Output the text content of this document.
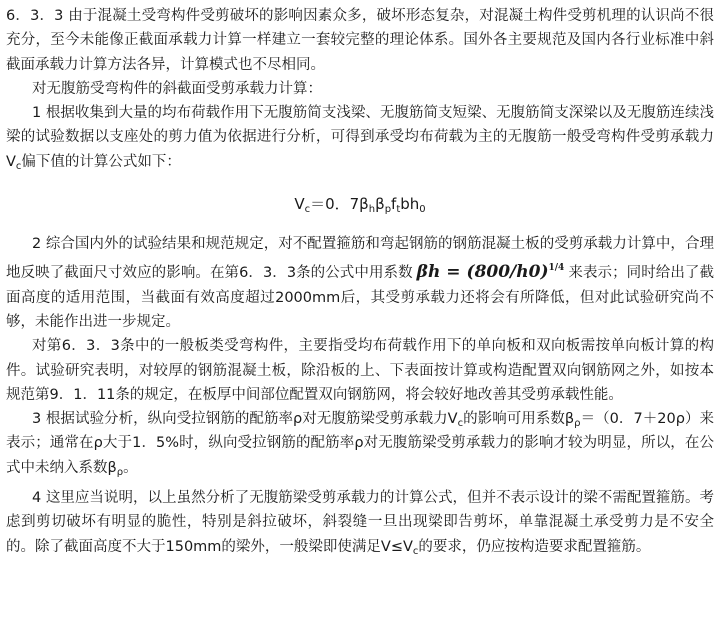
6．3．3 由于混凝土受弯构件受剪破坏的影响因素众多，破坏形态复杂，对混凝土构件受剪机理的认识尚不很充分，至今未能像正截面承载力计算一样建立一套较完整的理论体系。国外各主要规范及国内各行业标准中斜截面承载力计算方法各异，计算模式也不尽相同。

对无腹筋受弯构件的斜截面受剪承载力计算：

1 根据收集到大量的均布荷载作用下无腹筋简支浅梁、无腹筋简支短梁、无腹筋简支深梁以及无腹筋连续浅梁的试验数据以支座处的剪力值为依据进行分析，可得到承受均布荷载为主的无腹筋一般受弯构件受剪承载力$V_c$偏下值的计算公式如下：

$V_c=0$．$7\beta_h\beta_pf_tbh_0$

2 综合国内外的试验结果和规范规定，对不配置箍筋和弯起钢筋的钢筋混凝土板的受剪承载力计算中，合理地反映了截面尺寸效应的影响。在第6．3．3条的公式中用系数 $\beta h = (800/h0)^{1/4}$ 来表示；同时给出了截面高度的适用范围，当截面有效高度超过2000mm后，其受剪承载力还将会有所降低，但对此试验研究尚不够，未能作出进一步规定。

对第6．3．3条中的一般板类受弯构件，主要指受均布荷载作用下的单向板和双向板需按单向板计算的构件。试验研究表明，对较厚的钢筋混凝土板，除沿板的上、下表面按计算或构造配置双向钢筋网之外，如按本规范第9．1．11条的规定，在板厚中间部位配置双向钢筋网，将会较好地改善其受剪承载性能。

3 根据试验分析，纵向受拉钢筋的配筋率ρ对无腹筋梁受剪承载力$V_c$的影响可用系数$\beta_\rho=(0$．7＋20ρ）来表示；通常在ρ大于1．5%时，纵向受拉钢筋的配筋率ρ对无腹筋梁受剪承载力的影响才较为明显，所以，在公式中未纳入系数$\beta_\rho$。

4 这里应当说明，以上虽然分析了无腹筋梁受剪承载力的计算公式，但并不表示设计的梁不需配置箍筋。考虑到剪切破坏有明显的脆性，特别是斜拉破坏，斜裂缝一旦出现梁即告剪坏，单靠混凝土承受剪力是不安全的。除了截面高度不大于150mm的梁外，一般梁即使满足$V\le V_c$的要求，仍应按构造要求配置箍筋。
